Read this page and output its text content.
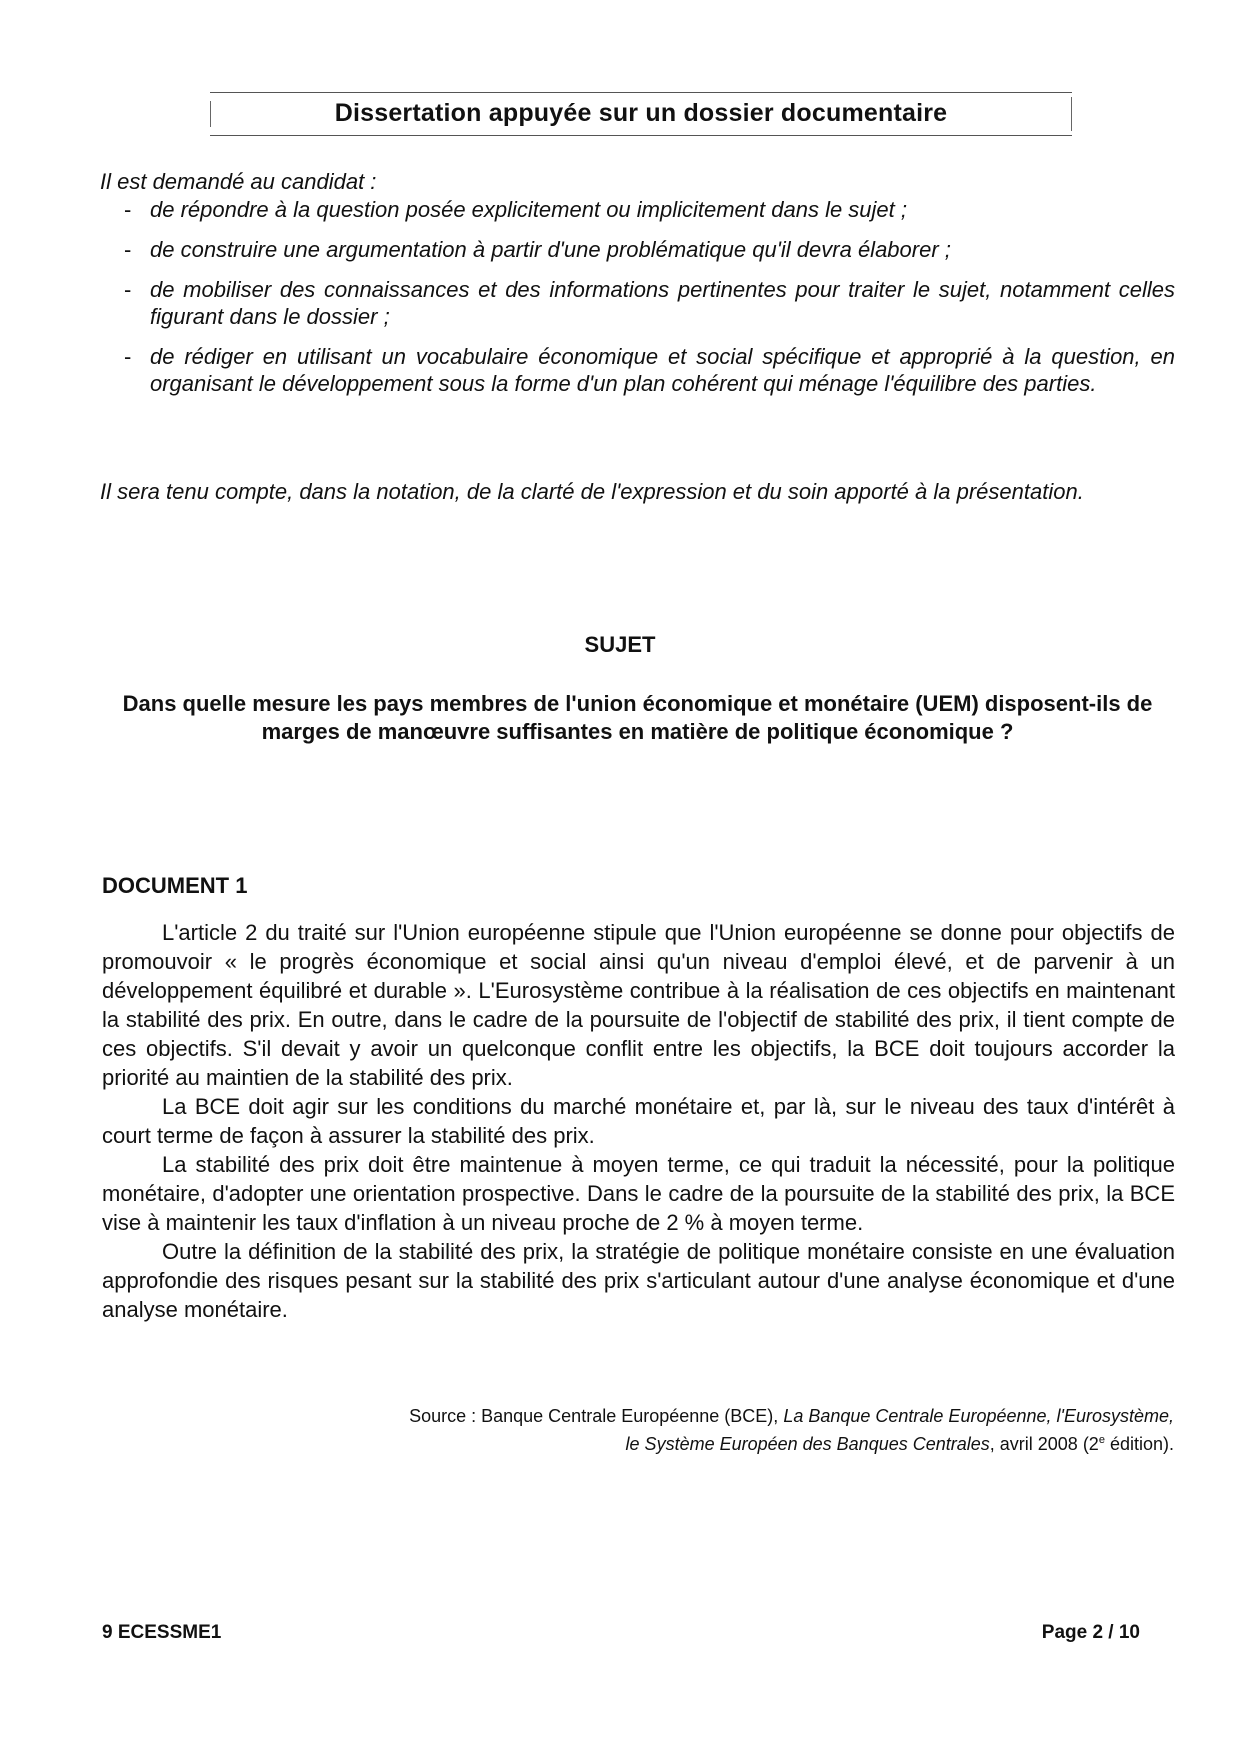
Dissertation appuyée sur un dossier documentaire
Il est demandé au candidat :
- de répondre à la question posée explicitement ou implicitement dans le sujet ;
- de construire une argumentation à partir d'une problématique qu'il devra élaborer ;
- de mobiliser des connaissances et des informations pertinentes pour traiter le sujet, notamment celles figurant dans le dossier ;
- de rédiger en utilisant un vocabulaire économique et social spécifique et approprié à la question, en organisant le développement sous la forme d'un plan cohérent qui ménage l'équilibre des parties.
Il sera tenu compte, dans la notation, de la clarté de l'expression et du soin apporté à la présentation.
SUJET
Dans quelle mesure les pays membres de l'union économique et monétaire (UEM) disposent-ils de marges de manœuvre suffisantes en matière de politique économique ?
DOCUMENT 1

L'article 2 du traité sur l'Union européenne stipule que l'Union européenne se donne pour objectifs de promouvoir « le progrès économique et social ainsi qu'un niveau d'emploi élevé, et de parvenir à un développement équilibré et durable ». L'Eurosystème contribue à la réalisation de ces objectifs en maintenant la stabilité des prix. En outre, dans le cadre de la poursuite de l'objectif de stabilité des prix, il tient compte de ces objectifs. S'il devait y avoir un quelconque conflit entre les objectifs, la BCE doit toujours accorder la priorité au maintien de la stabilité des prix.

La BCE doit agir sur les conditions du marché monétaire et, par là, sur le niveau des taux d'intérêt à court terme de façon à assurer la stabilité des prix.

La stabilité des prix doit être maintenue à moyen terme, ce qui traduit la nécessité, pour la politique monétaire, d'adopter une orientation prospective. Dans le cadre de la poursuite de la stabilité des prix, la BCE vise à maintenir les taux d'inflation à un niveau proche de 2 % à moyen terme.

Outre la définition de la stabilité des prix, la stratégie de politique monétaire consiste en une évaluation approfondie des risques pesant sur la stabilité des prix s'articulant autour d'une analyse économique et d'une analyse monétaire.

Source : Banque Centrale Européenne (BCE), La Banque Centrale Européenne, l'Eurosystème,
le Système Européen des Banques Centrales, avril 2008 (2e édition).
9 ECESSME1	Page 2 / 10
